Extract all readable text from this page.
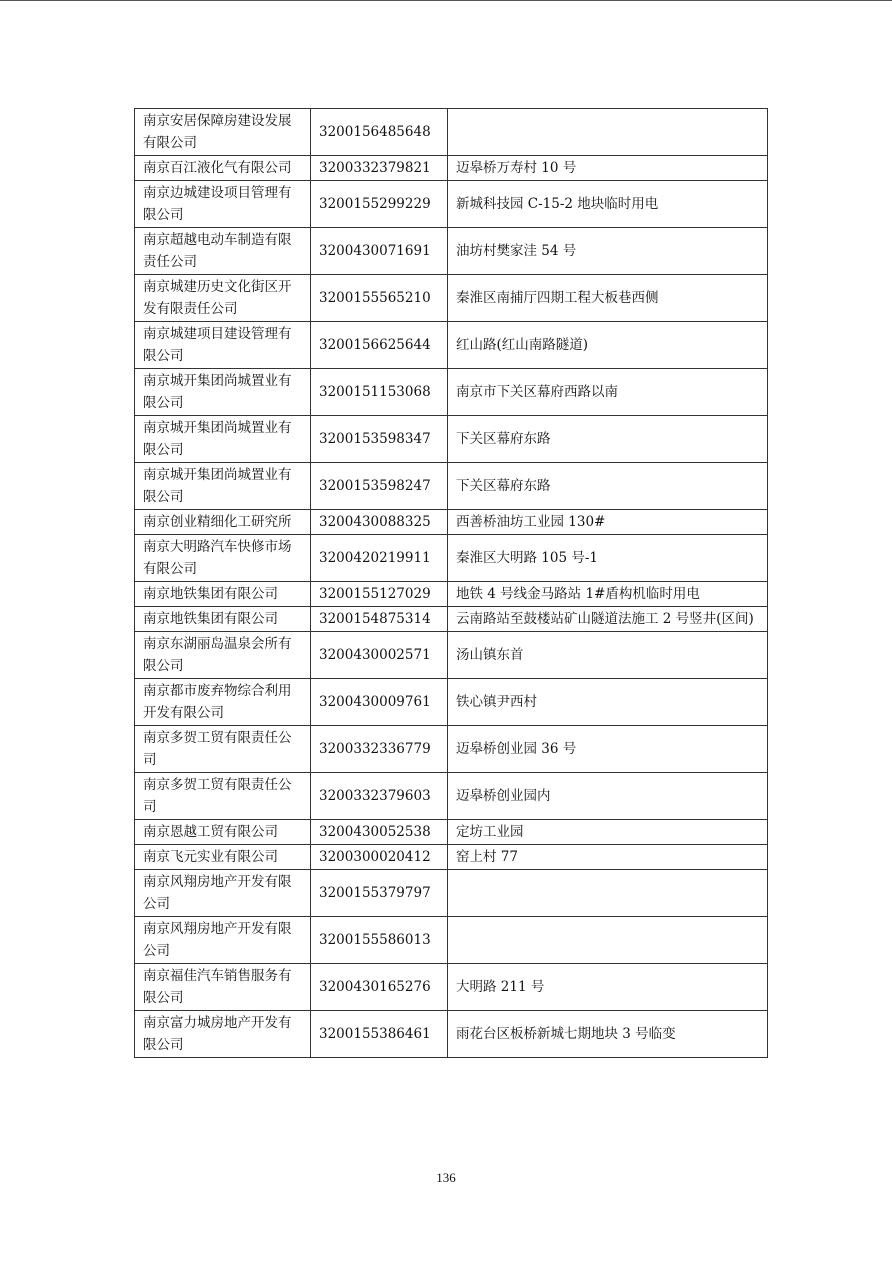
南京安居保障房建设发展有限公司	3200156485648	
南京百江液化气有限公司	3200332379821	迈皋桥万寿村 10 号
南京边城建设项目管理有限公司	3200155299229	新城科技园 C-15-2 地块临时用电
南京超越电动车制造有限责任公司	3200430071691	油坊村樊家洼 54 号
南京城建历史文化街区开发有限责任公司	3200155565210	秦淮区南捕厅四期工程大板巷西侧
南京城建项目建设管理有限公司	3200156625644	红山路(红山南路隧道)
南京城开集团尚城置业有限公司	3200151153068	南京市下关区幕府西路以南
南京城开集团尚城置业有限公司	3200153598347	下关区幕府东路
南京城开集团尚城置业有限公司	3200153598247	下关区幕府东路
南京创业精细化工研究所	3200430088325	西善桥油坊工业园 130#
南京大明路汽车快修市场有限公司	3200420219911	秦淮区大明路 105 号-1
南京地铁集团有限公司	3200155127029	地铁 4 号线金马路站 1#盾构机临时用电
南京地铁集团有限公司	3200154875314	云南路站至鼓楼站矿山隧道法施工 2 号竖井(区间)
南京东湖丽岛温泉会所有限公司	3200430002571	汤山镇东首
南京都市废弃物综合利用开发有限公司	3200430009761	铁心镇尹西村
南京多贺工贸有限责任公司	3200332336779	迈皋桥创业园 36 号
南京多贺工贸有限责任公司	3200332379603	迈皋桥创业园内
南京恩越工贸有限公司	3200430052538	定坊工业园
南京飞元实业有限公司	3200300020412	窑上村 77
南京风翔房地产开发有限公司	3200155379797	
南京风翔房地产开发有限公司	3200155586013	
南京福佳汽车销售服务有限公司	3200430165276	大明路 211 号
南京富力城房地产开发有限公司	3200155386461	雨花台区板桥新城七期地块 3 号临变
136
